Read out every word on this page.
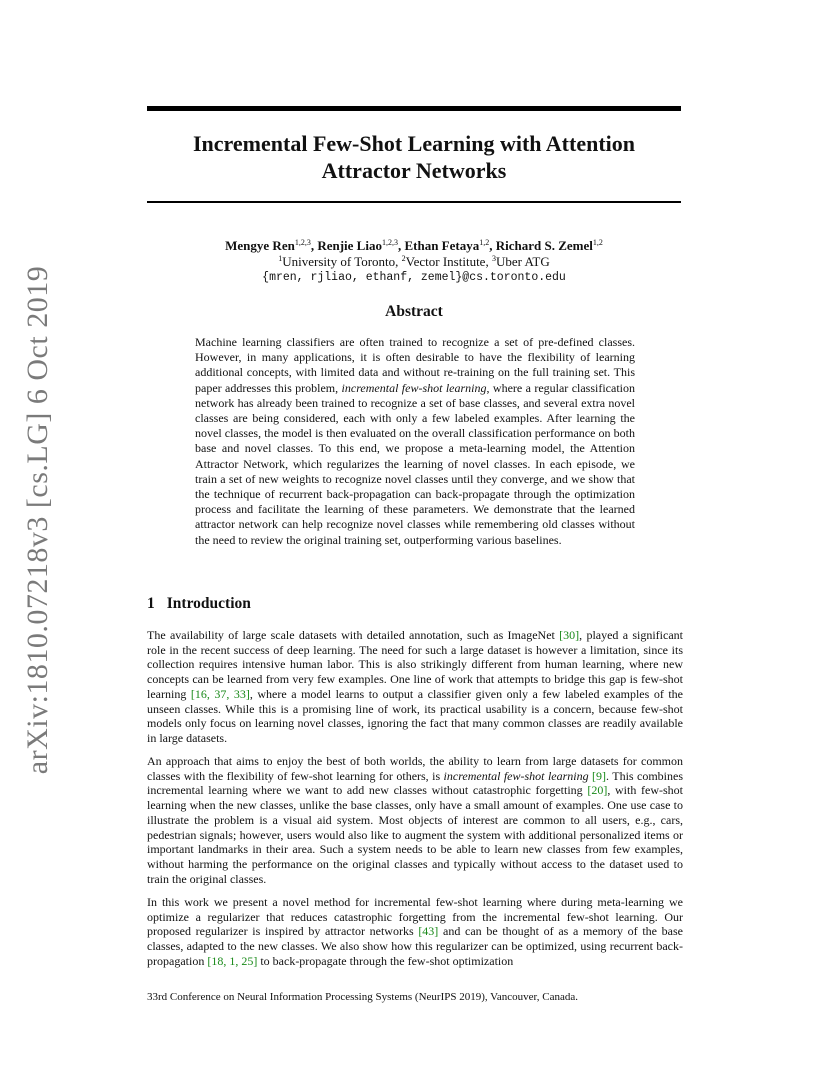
arXiv:1810.07218v3 [cs.LG] 6 Oct 2019
Incremental Few-Shot Learning with Attention
Attractor Networks
Mengye Ren$^{1,2,3}$, Renjie Liao$^{1,2,3}$, Ethan Fetaya$^{1,2}$, Richard S. Zemel$^{1,2}$
$^1$University of Toronto, $^2$Vector Institute, $^3$Uber ATG
{mren, rjliao, ethanf, zemel}@cs.toronto.edu
Abstract

Machine learning classifiers are often trained to recognize a set of pre-defined classes. However, in many applications, it is often desirable to have the flexibility of learning additional concepts, with limited data and without re-training on the full training set. This paper addresses this problem, incremental few-shot learning, where a regular classification network has already been trained to recognize a set of base classes, and several extra novel classes are being considered, each with only a few labeled examples. After learning the novel classes, the model is then evaluated on the overall classification performance on both base and novel classes. To this end, we propose a meta-learning model, the Attention Attractor Network, which regularizes the learning of novel classes. In each episode, we train a set of new weights to recognize novel classes until they converge, and we show that the technique of recurrent back-propagation can back-propagate through the optimization process and facilitate the learning of these parameters. We demonstrate that the learned attractor network can help recognize novel classes while remembering old classes without the need to review the original training set, outperforming various baselines.

1 Introduction

The availability of large scale datasets with detailed annotation, such as ImageNet [30], played a significant role in the recent success of deep learning. The need for such a large dataset is however a limitation, since its collection requires intensive human labor. This is also strikingly different from human learning, where new concepts can be learned from very few examples. One line of work that attempts to bridge this gap is few-shot learning [16, 37, 33], where a model learns to output a classifier given only a few labeled examples of the unseen classes. While this is a promising line of work, its practical usability is a concern, because few-shot models only focus on learning novel classes, ignoring the fact that many common classes are readily available in large datasets.

An approach that aims to enjoy the best of both worlds, the ability to learn from large datasets for common classes with the flexibility of few-shot learning for others, is incremental few-shot learning [9]. This combines incremental learning where we want to add new classes without catastrophic forgetting [20], with few-shot learning when the new classes, unlike the base classes, only have a small amount of examples. One use case to illustrate the problem is a visual aid system. Most objects of interest are common to all users, e.g., cars, pedestrian signals; however, users would also like to augment the system with additional personalized items or important landmarks in their area. Such a system needs to be able to learn new classes from few examples, without harming the performance on the original classes and typically without access to the dataset used to train the original classes.

In this work we present a novel method for incremental few-shot learning where during meta-learning we optimize a regularizer that reduces catastrophic forgetting from the incremental few-shot learning. Our proposed regularizer is inspired by attractor networks [43] and can be thought of as a memory of the base classes, adapted to the new classes. We also show how this regularizer can be optimized, using recurrent back-propagation [18, 1, 25] to back-propagate through the few-shot optimization

33rd Conference on Neural Information Processing Systems (NeurIPS 2019), Vancouver, Canada.
